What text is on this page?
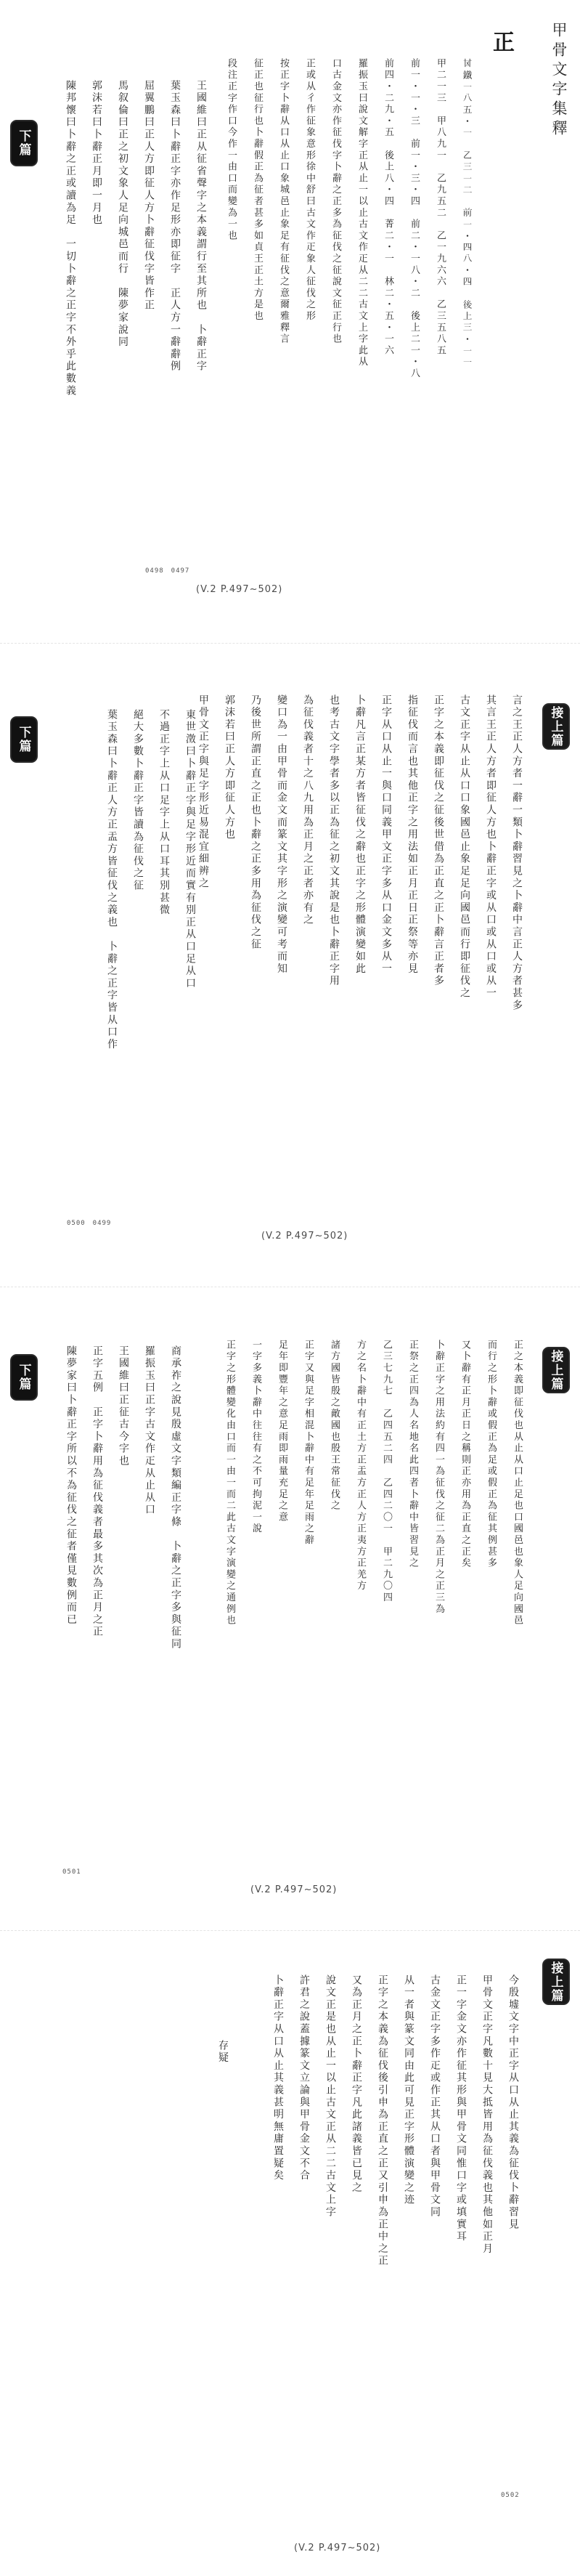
甲骨文字集釋
下篇
正
𠀠鐵一八五・一　乙三一二　前一・四八・四　後上三・一一
甲二一三　甲八九一　乙九五二　乙一九六六　乙三五八五
前一・一・三　前一・三・四　前二・一八・二　後上二一・八
前四・二九・五　後上八・四　菁二・一　林二・五・一六
羅振玉曰說文解字正从止一以止古文作𤴓从二二古文上字此从
口古金文亦作征伐字卜辭之正多為征伐之征說文征正行也
正或从彳作征象意形徐中舒曰古文作𤴓象人征伐之形
按正字卜辭从口从止口象城邑止象足有征伐之意爾雅釋言
征正也征行也卜辭假正為征者甚多如貞王正土方是也
段注正字作口今作一由口而變為一也
王國維曰正从征省聲字之本義謂行至其所也　卜辭正字
葉玉森曰卜辭正字亦作足形亦即征字　正人方一辭辭例
屈翼鵬曰正人方即征人方卜辭征伐字皆作正
馬叙倫曰正之初文象人足向城邑而行　陳夢家說同
郭沫若曰卜辭正月即一月也
陳邦懷曰卜辭之正或讀為足　一切卜辭之正字不外乎此數義
0498　0497
(V.2 P.497~502)
接上篇
下篇	言之王正人方者一辭一類卜辭習見之卜辭中言正人方者甚多
其言王正人方者即征人方也卜辭正字或从口或从口或从一
古文正字从止从口口象國邑止象足足向國邑而行即征伐之
正字之本義即征伐之征後世借為正直之正卜辭言正者多
指征伐而言也其他正字之用法如正月正日正祭等亦見
正字从口从止一與口同義甲文正字多从口金文多从一
卜辭凡言正某方者皆征伐之辭也正字之形體演變如此
也考古文字學者多以正為征之初文其說是也卜辭正字用
為征伐義者十之八九用為正月之正者亦有之
變口為一由甲骨而金文而篆文其字形之演變可考而知
乃後世所謂正直之正也卜辭之正多用為征伐之征
郭沫若曰正人方即征人方也
甲骨文正字與足字形近易混宜細辨之
東世澂曰卜辭正字與足字形近而實有別正从口足从口
不過正字上从口足字上从口耳其別甚微
絕大多數卜辭正字皆讀為征伐之征
葉玉森曰卜辭正人方正盂方皆征伐之義也　卜辭之正字皆从口作
0500　0499
(V.2 P.497~502)
接上篇
下篇	正之本義即征伐也从止从口止足也口國邑也象人足向國邑
而行之形卜辭或假正為足或假正為征其例甚多
又卜辭有正月正日之稱則正亦用為正直之正矣
卜辭正字之用法約有四一為征伐之征二為正月之正三為
正祭之正四為人名地名此四者卜辭中皆習見之
乙三七九七　乙四五二四　乙四二〇一　甲二九〇四
方之名卜辭中有正土方正盂方正人方正夷方正羌方
諸方國皆殷之敵國也殷王常征伐之
正字又與足字相混卜辭中有足年足雨之辭
足年即豐年之意足雨即雨量充足之意
一字多義卜辭中往往有之不可拘泥一說
正字之形體變化由口而一由一而二此古文字演變之通例也
商承祚之說見殷虛文字類編正字條　卜辭之正字多與征同
羅振玉曰正字古文作𤴓从止从口
王國維曰正征古今字也
正字五例　正字卜辭用為征伐義者最多其次為正月之正
陳夢家曰卜辭正字所以不為征伐之征者僅見數例而已
0501
(V.2 P.497~502)
接上篇
今殷墟文字中正字从口从止其義為征伐卜辭習見
甲骨文正字凡數十見大抵皆用為征伐義也其他如正月
正一字金文亦作征其形與甲骨文同惟口字或填實耳
古金文正字多作𤴓或作正其从口者與甲骨文同
从一者與篆文同由此可見正字形體演變之迹
正字之本義為征伐後引申為正直之正又引申為正中之正
又為正月之正卜辭正字凡此諸義皆已見之
說文正是也从止一以止古文正从二二古文上字
許君之說蓋據篆文立論與甲骨金文不合
卜辭正字从口从止其義甚明無庸置疑矣
存疑
0502
(V.2 P.497~502)
